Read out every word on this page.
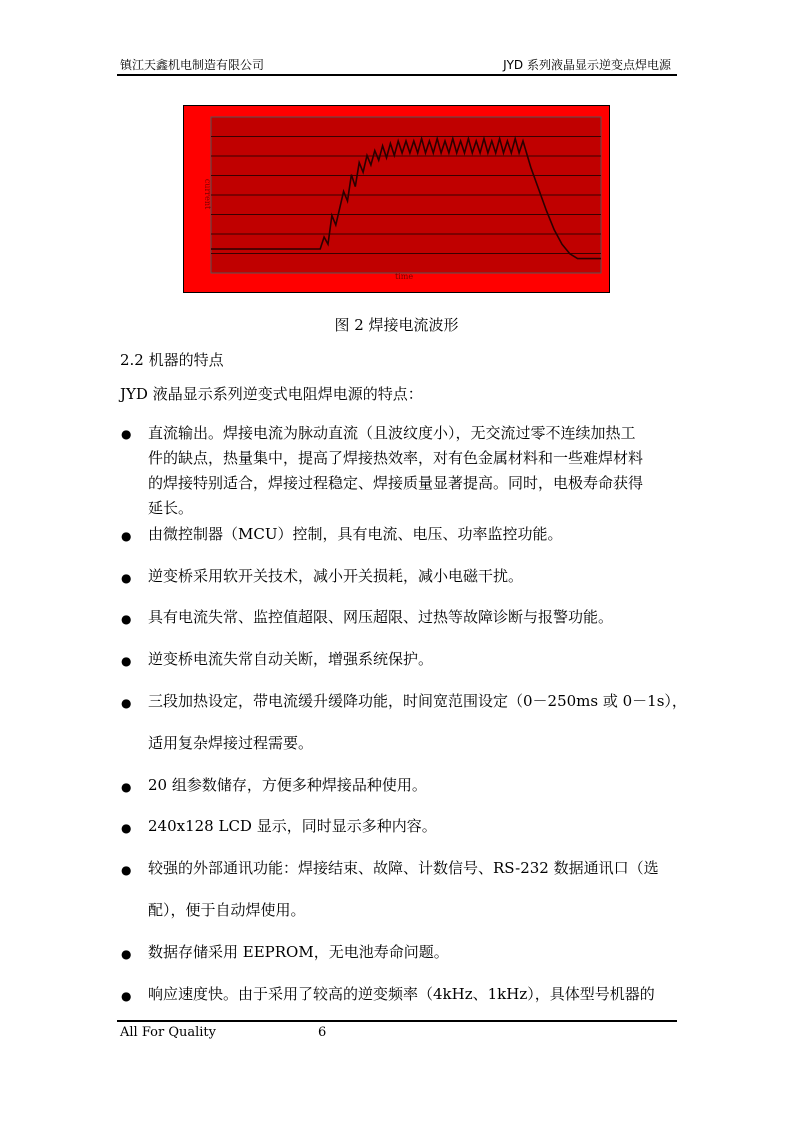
镇江天鑫机电制造有限公司	JYD 系列液晶显示逆变点焊电源
current
time
图 2 焊接电流波形
2.2 机器的特点
JYD 液晶显示系列逆变式电阻焊电源的特点：
● 直流输出。焊接电流为脉动直流（且波纹度小），无交流过零不连续加热工
件的缺点，热量集中，提高了焊接热效率，对有色金属材料和一些难焊材料
的焊接特别适合，焊接过程稳定、焊接质量显著提高。同时，电极寿命获得
延长。
● 由微控制器（MCU）控制，具有电流、电压、功率监控功能。
● 逆变桥采用软开关技术，减小开关损耗，减小电磁干扰。
● 具有电流失常、监控值超限、网压超限、过热等故障诊断与报警功能。
● 逆变桥电流失常自动关断，增强系统保护。
● 三段加热设定，带电流缓升缓降功能，时间宽范围设定（0－250ms 或 0－1s），
适用复杂焊接过程需要。
● 20 组参数储存，方便多种焊接品种使用。
● 240x128 LCD 显示，同时显示多种内容。
● 较强的外部通讯功能：焊接结束、故障、计数信号、RS-232 数据通讯口（选
配），便于自动焊使用。
● 数据存储采用 EEPROM，无电池寿命问题。
● 响应速度快。由于采用了较高的逆变频率（4kHz、1kHz），具体型号机器的
All For Quality	6
